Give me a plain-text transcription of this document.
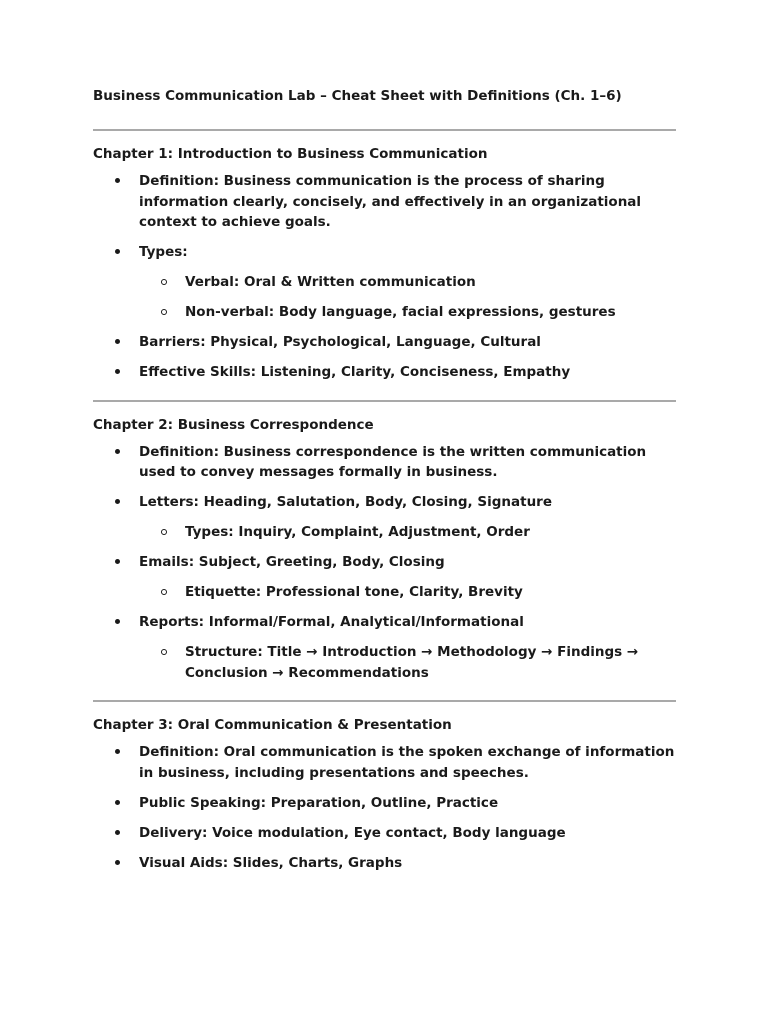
Business Communication Lab – Cheat Sheet with Definitions (Ch. 1–6)
Chapter 1: Introduction to Business Communication
Definition: Business communication is the process of sharing information clearly, concisely, and effectively in an organizational context to achieve goals.
Types:
Verbal: Oral & Written communication
Non-verbal: Body language, facial expressions, gestures
Barriers: Physical, Psychological, Language, Cultural
Effective Skills: Listening, Clarity, Conciseness, Empathy
Chapter 2: Business Correspondence
Definition: Business correspondence is the written communication used to convey messages formally in business.
Letters: Heading, Salutation, Body, Closing, Signature
Types: Inquiry, Complaint, Adjustment, Order
Emails: Subject, Greeting, Body, Closing
Etiquette: Professional tone, Clarity, Brevity
Reports: Informal/Formal, Analytical/Informational
Structure: Title → Introduction → Methodology → Findings → Conclusion → Recommendations
Chapter 3: Oral Communication & Presentation
Definition: Oral communication is the spoken exchange of information in business, including presentations and speeches.
Public Speaking: Preparation, Outline, Practice
Delivery: Voice modulation, Eye contact, Body language
Visual Aids: Slides, Charts, Graphs
